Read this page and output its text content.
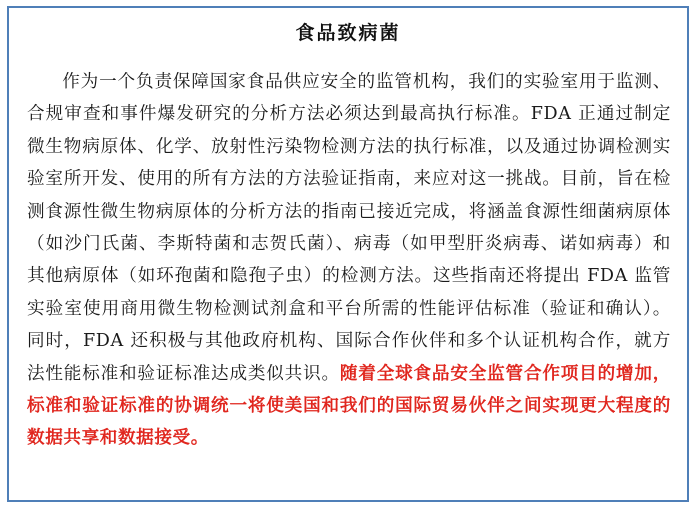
食品致病菌

作为一个负责保障国家食品供应安全的监管机构，我们的实验室用于监测、合规审查和事件爆发研究的分析方法必须达到最高执行标准。FDA 正通过制定微生物病原体、化学、放射性污染物检测方法的执行标准，以及通过协调检测实验室所开发、使用的所有方法的方法验证指南，来应对这一挑战。目前，旨在检测食源性微生物病原体的分析方法的指南已接近完成，将涵盖食源性细菌病原体（如沙门氏菌、李斯特菌和志贺氏菌）、病毒（如甲型肝炎病毒、诺如病毒）和其他病原体（如环孢菌和隐孢子虫）的检测方法。这些指南还将提出 FDA 监管实验室使用商用微生物检测试剂盒和平台所需的性能评估标准（验证和确认）。同时，FDA 还积极与其他政府机构、国际合作伙伴和多个认证机构合作，就方法性能标准和验证标准达成类似共识。随着全球食品安全监管合作项目的增加，标准和验证标准的协调统一将使美国和我们的国际贸易伙伴之间实现更大程度的数据共享和数据接受。
